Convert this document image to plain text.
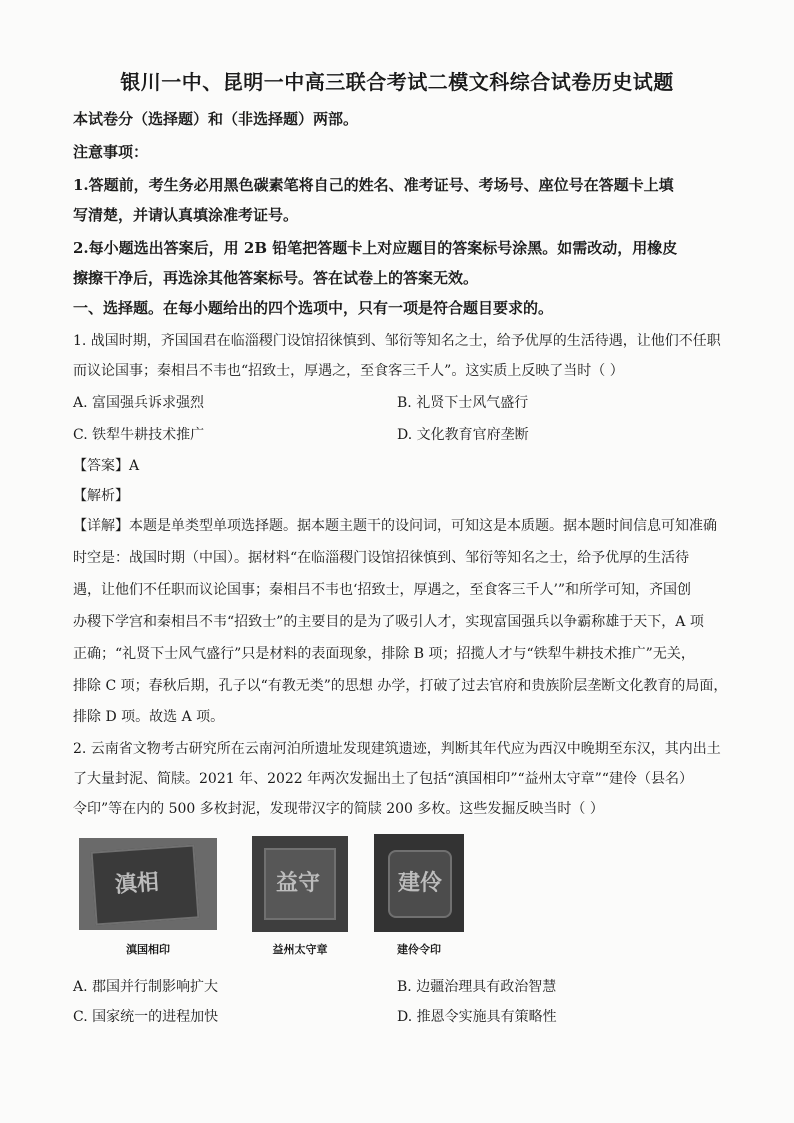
银川一中、昆明一中高三联合考试二模文科综合试卷历史试题
本试卷分（选择题）和（非选择题）两部。
注意事项：
1.答题前，考生务必用黑色碳素笔将自己的姓名、准考证号、考场号、座位号在答题卡上填
写清楚，并请认真填涂准考证号。
2.每小题选出答案后，用 2B 铅笔把答题卡上对应题目的答案标号涂黑。如需改动，用橡皮
擦擦干净后，再选涂其他答案标号。答在试卷上的答案无效。
一、选择题。在每小题给出的四个选项中，只有一项是符合题目要求的。
1. 战国时期，齐国国君在临淄稷门设馆招徕慎到、邹衍等知名之士，给予优厚的生活待遇，让他们不任职
而议论国事；秦相吕不韦也“招致士，厚遇之，至食客三千人”。这实质上反映了当时（ ）
A. 富国强兵诉求强烈	B. 礼贤下士风气盛行
C. 铁犁牛耕技术推广	D. 文化教育官府垄断
【答案】A
【解析】
【详解】本题是单类型单项选择题。据本题主题干的设问词，可知这是本质题。据本题时间信息可知准确
时空是：战国时期（中国）。据材料“在临淄稷门设馆招徕慎到、邹衍等知名之士，给予优厚的生活待
遇，让他们不任职而议论国事；秦相吕不韦也‘招致士，厚遇之，至食客三千人’”和所学可知，齐国创
办稷下学宫和秦相吕不韦“招致士”的主要目的是为了吸引人才，实现富国强兵以争霸称雄于天下，A 项
正确；“礼贤下士风气盛行”只是材料的表面现象，排除 B 项；招揽人才与“铁犁牛耕技术推广”无关，
排除 C 项；春秋后期，孔子以“有教无类”的思想 办学，打破了过去官府和贵族阶层垄断文化教育的局面，
排除 D 项。故选 A 项。
2. 云南省文物考古研究所在云南河泊所遗址发现建筑遗迹，判断其年代应为西汉中晚期至东汉，其内出土
了大量封泥、简牍。2021 年、2022 年两次发掘出土了包括“滇国相印”“益州太守章”“建伶（县名）
令印”等在内的 500 多枚封泥，发现带汉字的简牍 200 多枚。这些发掘反映当时（ ）
滇相
滇国相印
益守
益州太守章
建伶
建伶令印
A. 郡国并行制影响扩大	B. 边疆治理具有政治智慧
C. 国家统一的进程加快	D. 推恩令实施具有策略性
